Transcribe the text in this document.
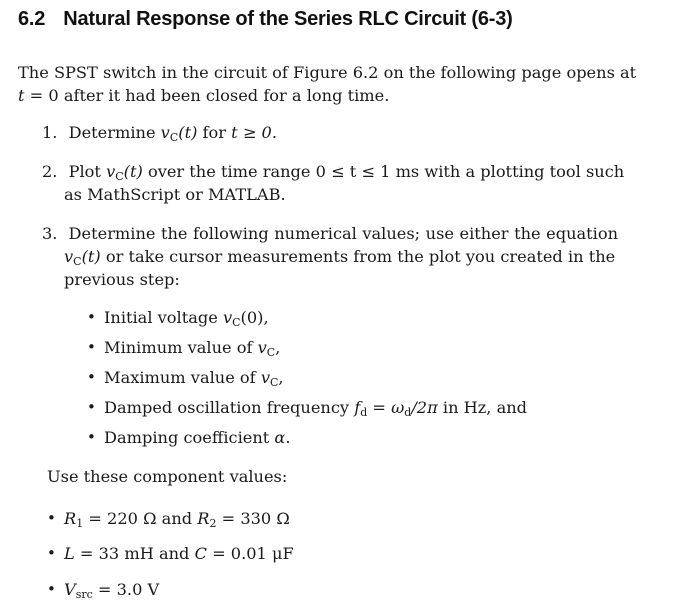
6.2 Natural Response of the Series RLC Circuit (6-3)
The SPST switch in the circuit of Figure 6.2 on the following page opens at
t = 0 after it had been closed for a long time.
1. Determine $v_C(t)$ for t ≥ 0.
2. Plot $v_C(t)$ over the time range 0 ≤ t ≤ 1 ms with a plotting tool such
as MathScript or MATLAB.
3. Determine the following numerical values; use either the equation
$v_C(t)$ or take cursor measurements from the plot you created in the
previous step:
• Initial voltage $v_C(0)$,
• Minimum value of $v_C$,
• Maximum value of $v_C$,
• Damped oscillation frequency $f_d = \omega_d/2\pi$ in Hz, and
• Damping coefficient α.
Use these component values:
• $R_1 = 220$ Ω and $R_2 = 330$ Ω
• L = 33 mH and C = 0.01 μF
• $V_{src} = 3.0$ V
